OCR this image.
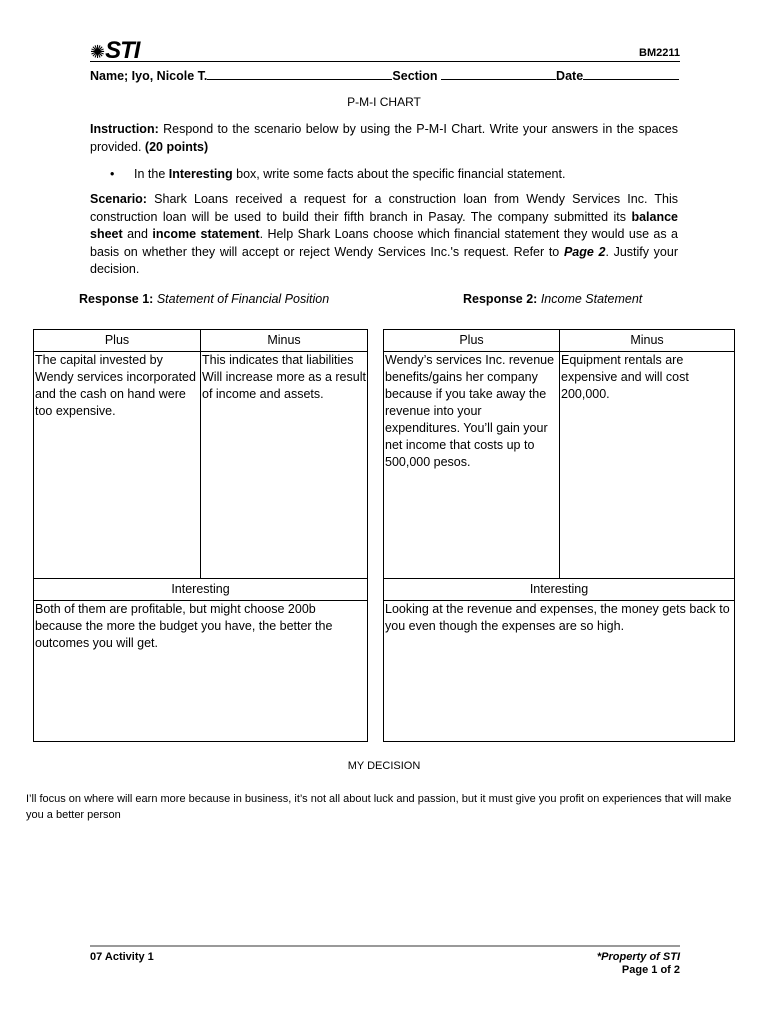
✺STI	BM2211
Name; Iyo, Nicole T.	Section	Date
P-M-I CHART
Instruction: Respond to the scenario below by using the P-M-I Chart. Write your answers in the spaces provided. (20 points)
• In the Interesting box, write some facts about the specific financial statement.
Scenario: Shark Loans received a request for a construction loan from Wendy Services Inc. This construction loan will be used to build their fifth branch in Pasay. The company submitted its balance sheet and income statement. Help Shark Loans choose which financial statement they would use as a basis on whether they will accept or reject Wendy Services Inc.'s request. Refer to Page 2. Justify your decision.
Response 1: Statement of Financial Position	Response 2: Income Statement
Plus	Minus
The capital invested by Wendy services incorporated and the cash on hand were too expensive.	This indicates that liabilities Will increase more as a result of income and assets.
Interesting	
Both of them are profitable, but might choose 200b because the more the budget you have, the better the outcomes you will get.	
Plus	Minus
Wendy’s services Inc. revenue benefits/gains her company because if you take away the revenue into your expenditures. You’ll gain your net income that costs up to 500,000 pesos.	Equipment rentals are expensive and will cost 200,000.
Interesting	
Looking at the revenue and expenses, the money gets back to you even though the expenses are so high.	
MY DECISION
I’ll focus on where will earn more because in business, it’s not all about luck and passion, but it must give you profit on experiences that will make you a better person
07 Activity 1	*Property of STI
Page 1 of 2
